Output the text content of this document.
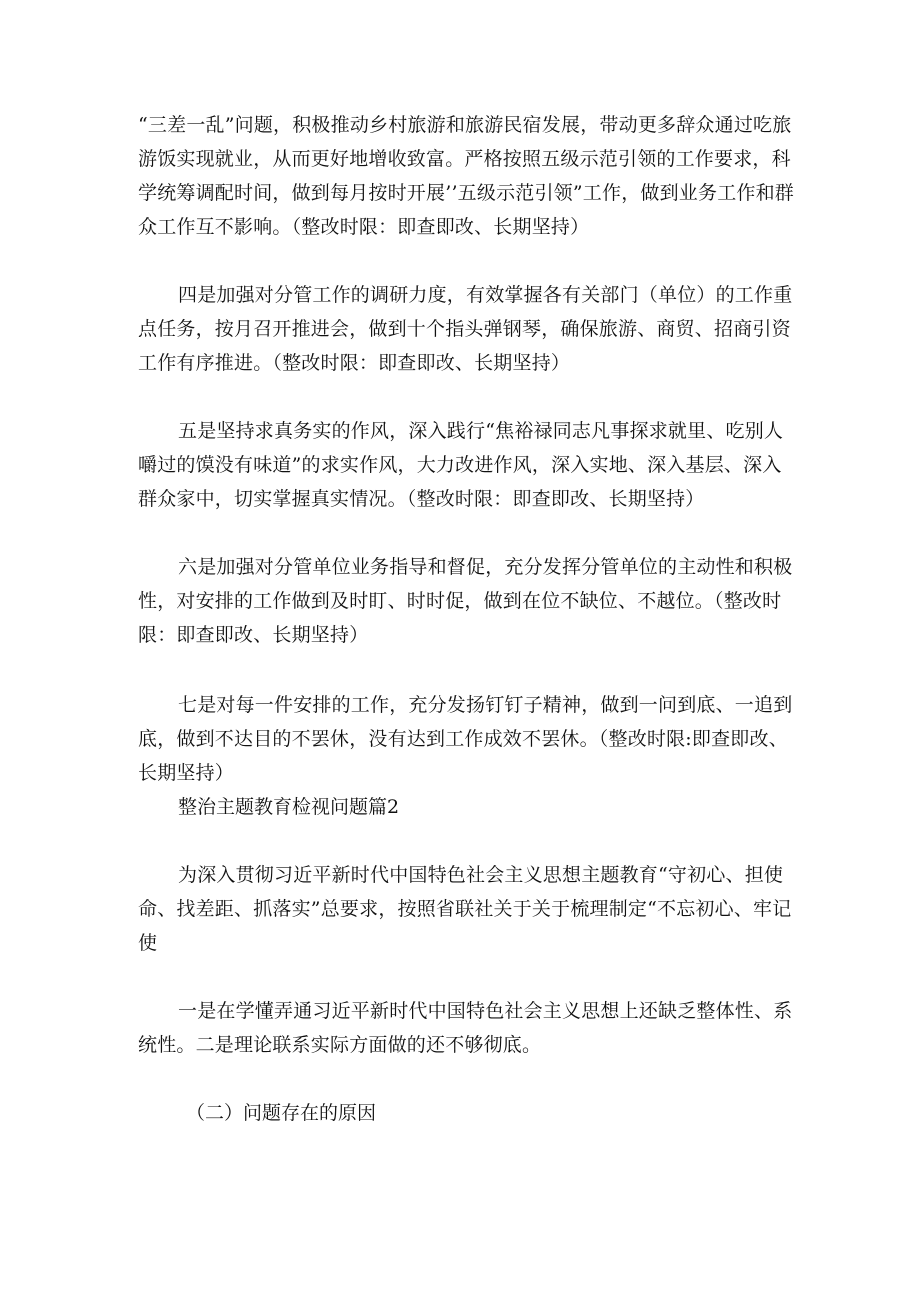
“三差一乱”问题，积极推动乡村旅游和旅游民宿发展，带动更多辞众通过吃旅游饭实现就业，从而更好地增收致富。严格按照五级示范引领的工作要求，科学统筹调配时间，做到每月按时开展’’五级示范引领”工作，做到业务工作和群众工作互不影响。（整改时限：即查即改、长期坚持）

四是加强对分管工作的调研力度，有效掌握各有关部门（单位）的工作重点任务，按月召开推进会，做到十个指头弹钢琴，确保旅游、商贸、招商引资工作有序推进。（整改时限：即查即改、长期坚持）

五是坚持求真务实的作风，深入践行“焦裕禄同志凡事探求就里、吃别人嚼过的馍没有味道”的求实作风，大力改进作风，深入实地、深入基层、深入群众家中，切实掌握真实情况。（整改时限：即查即改、长期坚持）

六是加强对分管单位业务指导和督促，充分发挥分管单位的主动性和积极性，对安排的工作做到及时盯、时时促，做到在位不缺位、不越位。（整改时限：即查即改、长期坚持）

七是对每一件安排的工作，充分发扬钉钉子精神，做到一问到底、一追到底，做到不达目的不罢休，没有达到工作成效不罢休。（整改时限:即查即改、长期坚持）

整治主题教育检视问题篇2

为深入贯彻习近平新时代中国特色社会主义思想主题教育“守初心、担使命、找差距、抓落实”总要求，按照省联社关于关于梳理制定“不忘初心、牢记使

一是在学懂弄通习近平新时代中国特色社会主义思想上还缺乏整体性、系统性。二是理论联系实际方面做的还不够彻底。

（二）问题存在的原因
